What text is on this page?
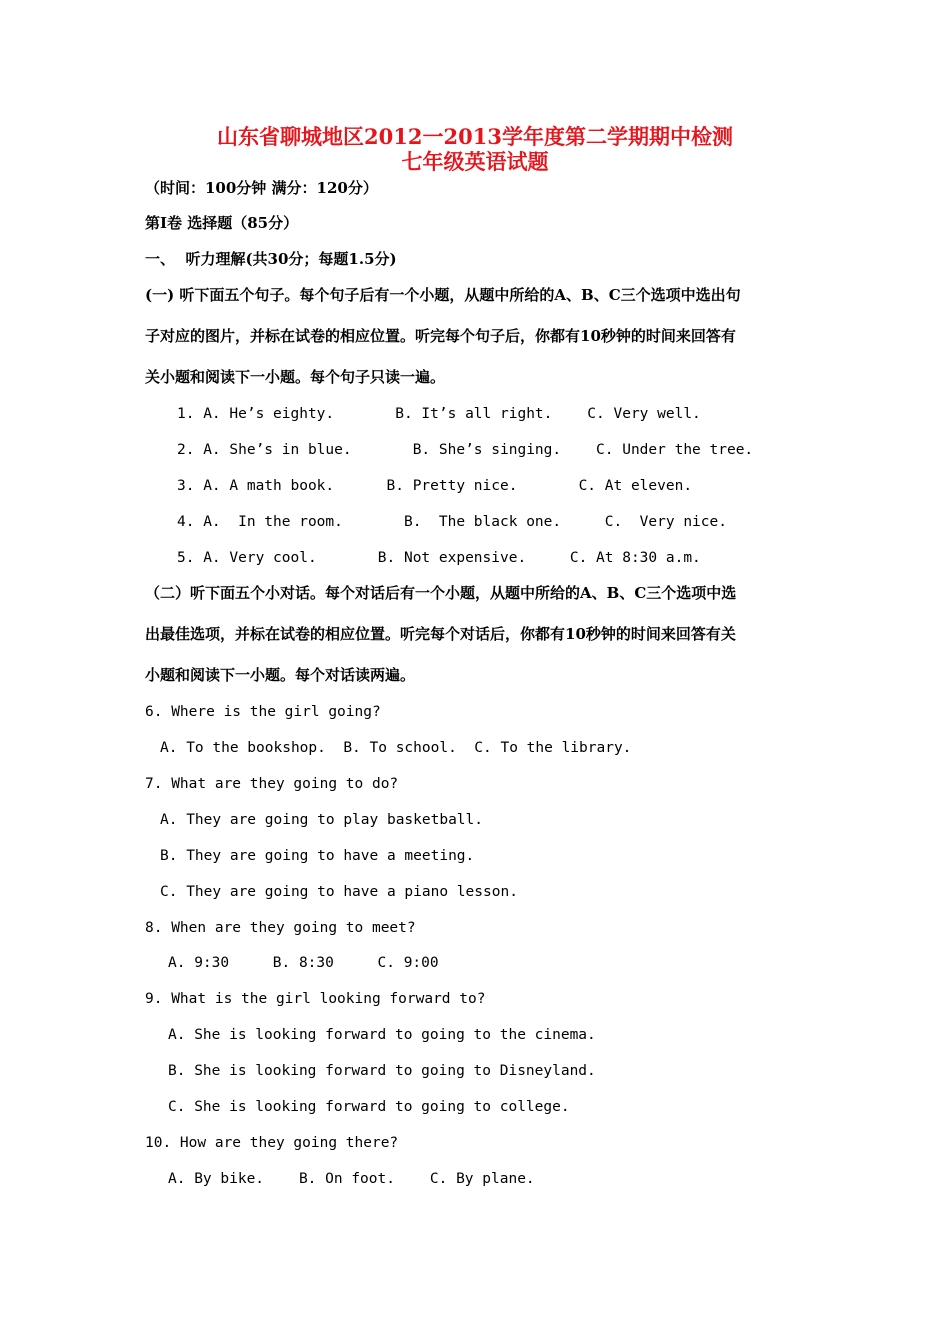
山东省聊城地区2012一2013学年度第二学期期中检测
七年级英语试题
（时间：100分钟 满分：120分）
第Ⅰ卷 选择题（85分）
一、  听力理解(共30分；每题1.5分)
(一) 听下面五个句子。每个句子后有一个小题，从题中所给的A、B、C三个选项中选出句
子对应的图片，并标在试卷的相应位置。听完每个句子后，你都有10秒钟的时间来回答有
关小题和阅读下一小题。每个句子只读一遍。
1. A. He’s eighty.       B. It’s all right.    C. Very well.
2. A. She’s in blue.       B. She’s singing.    C. Under the tree.
3. A. A math book.      B. Pretty nice.       C. At eleven.
4. A.  In the room.       B.  The black one.     C.  Very nice.
5. A. Very cool.       B. Not expensive.     C. At 8:30 a.m.
（二）听下面五个小对话。每个对话后有一个小题，从题中所给的A、B、C三个选项中选
出最佳选项，并标在试卷的相应位置。听完每个对话后，你都有10秒钟的时间来回答有关
小题和阅读下一小题。每个对话读两遍。
6. Where is the girl going?
A. To the bookshop.  B. To school.  C. To the library.
7. What are they going to do?
A. They are going to play basketball.
B. They are going to have a meeting.
C. They are going to have a piano lesson.
8. When are they going to meet?
A. 9:30     B. 8:30     C. 9:00
9. What is the girl looking forward to?
A. She is looking forward to going to the cinema.
B. She is looking forward to going to Disneyland.
C. She is looking forward to going to college.
10. How are they going there?
A. By bike.    B. On foot.    C. By plane.
